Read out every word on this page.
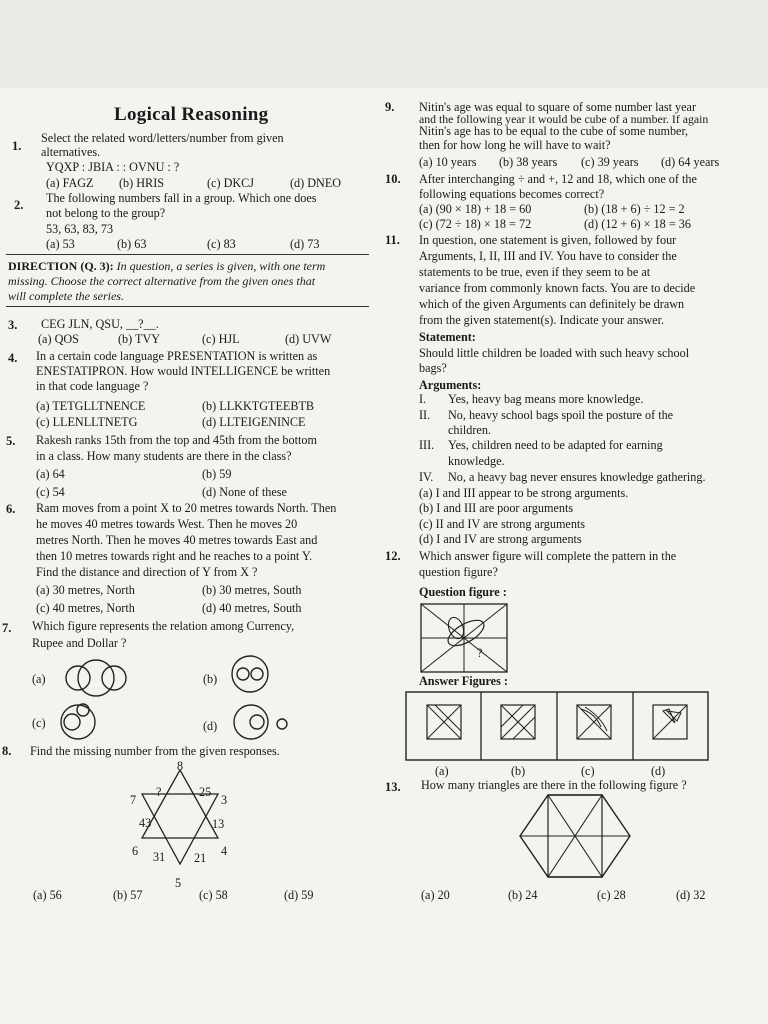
Logical Reasoning
1.
Select the related word/letters/number from given
alternatives.
YQXP : JBIA : : OVNU : ?
(a) FAGZ (b) HRIS	(c) DKCJ	(d) DNEO
2. The following numbers fall in a group. Which one does
not belong to the group?
53, 63, 83, 73
(a) 53	(b) 63	(c) 83	(d) 73
DIRECTION (Q. 3): In question, a series is given, with one term
missing. Choose the correct alternative from the given ones that
will complete the series.
3. CEG JLN, QSU, __?__.
(a) QOS	(b) TVY	(c) HJL	(d) UVW
4. In a certain code language PRESENTATION is written as
ENESTATIPRON. How would INTELLIGENCE be written
in that code language ?
(a) TETGLLTNENCE	(b) LLKKTGTEEBTB
(c) LLENLLTNETG	(d) LLTEIGENINCE
5. Rakesh ranks 15th from the top and 45th from the bottom
in a class. How many students are there in the class?
(a) 64	(b) 59
(c) 54	(d) None of these
6. Ram moves from a point X to 20 metres towards North. Then
he moves 40 metres towards West. Then he moves 20
metres North. Then he moves 40 metres towards East and
then 10 metres towards right and he reaches to a point Y.
Find the distance and direction of Y from X ?
(a) 30 metres, North	(b) 30 metres, South
(c) 40 metres, North	(d) 40 metres, South
7. Which figure represents the relation among Currency,
Rupee and Dollar ?
(a)	(b)
(c)	(d)
8. Find the missing number from the given responses.
8
?	25
7	3
43	13
6	4
31 21
5
(a) 56	(b) 57	(c) 58	(d) 59
9. Nitin's age was equal to square of some number last year
and the following year it would be cube of a number. If again
Nitin's age has to be equal to the cube of some number,
then for how long he will have to wait?
(a) 10 years (b) 38 years (c) 39 years (d) 64 years
10. After interchanging ÷ and +, 12 and 18, which one of the
following equations becomes correct?
(a) (90 × 18) + 18 = 60	(b) (18 + 6) ÷ 12 = 2
(c) (72 ÷ 18) × 18 = 72	(d) (12 + 6) × 18 = 36
11. In question, one statement is given, followed by four
Arguments, I, II, III and IV. You have to consider the
statements to be true, even if they seem to be at
variance from commonly known facts. You are to decide
which of the given Arguments can definitely be drawn
from the given statement(s). Indicate your answer.
Statement:
Should little children be loaded with such heavy school
bags?
Arguments:
I. Yes, heavy bag means more knowledge.
II. No, heavy school bags spoil the posture of the
children.
III. Yes, children need to be adapted for earning
knowledge.
IV. No, a heavy bag never ensures knowledge gathering.
(a) I and III appear to be strong arguments.
(b) I and III are poor arguments
(c) II and IV are strong arguments
(d) I and IV are strong arguments
12. Which answer figure will complete the pattern in the
question figure?
Question figure :
?
Answer Figures :
(a)	(b)	(c)	(d)
13. How many triangles are there in the following figure ?
(a) 20	(b) 24	(c) 28	(d) 32
